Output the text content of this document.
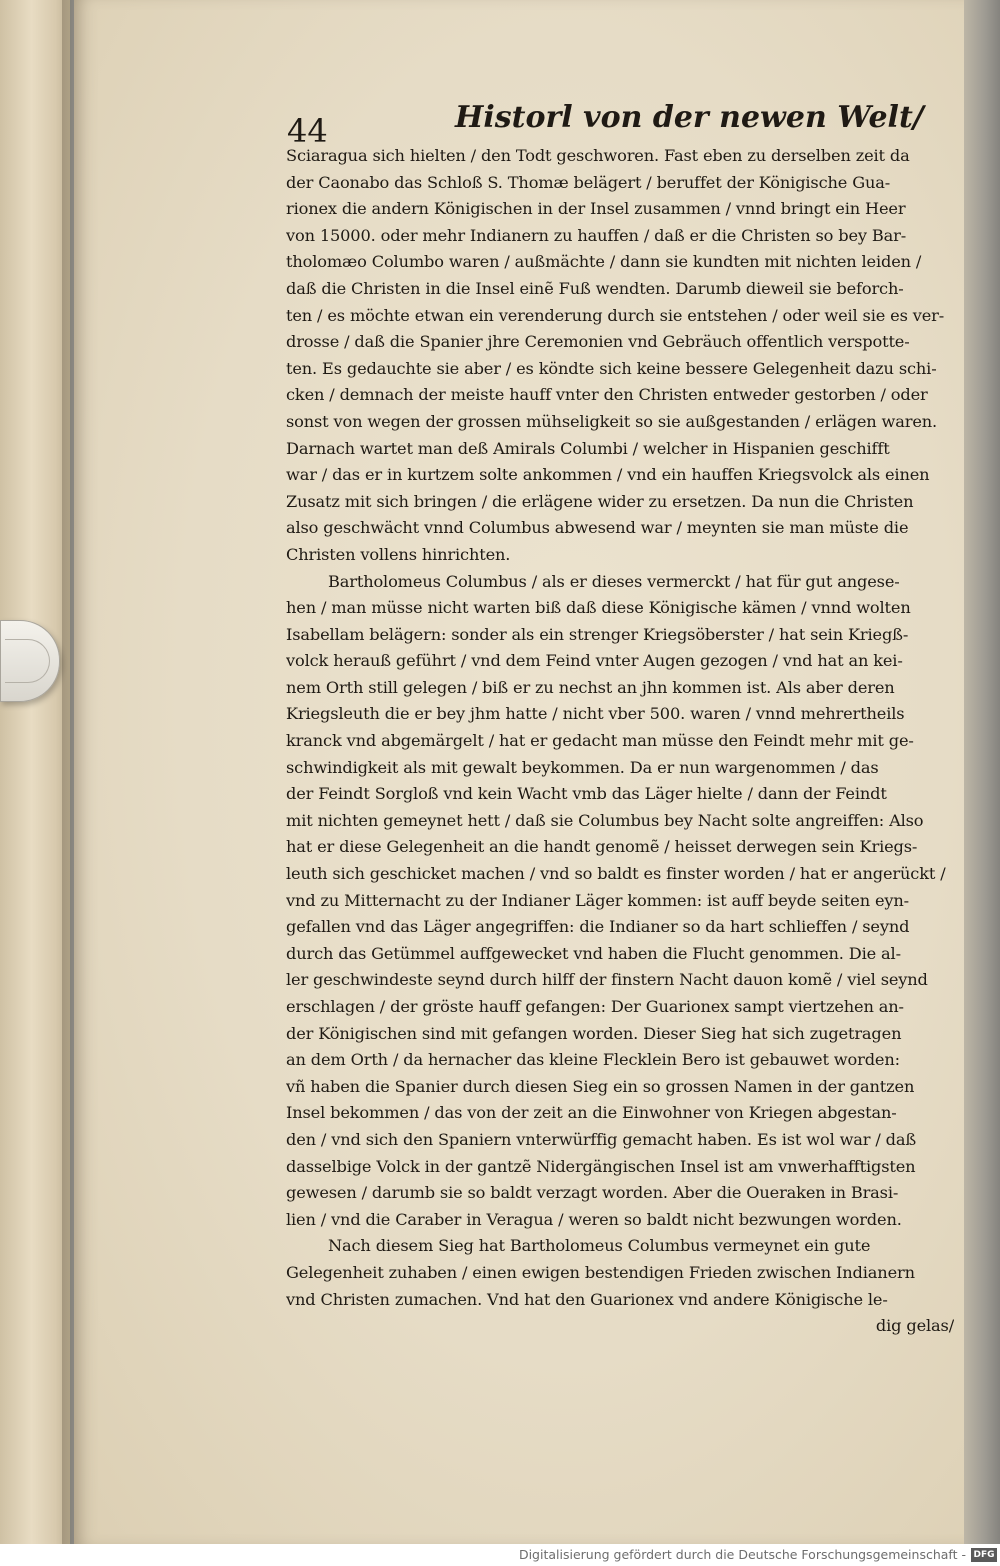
44	Historl von der newen Welt/
Sciaragua sich hielten / den Todt geschworen. Fast eben zu derselben zeit da
der Caonabo das Schloß S. Thomæ belägert / beruffet der Königische Gua-
rionex die andern Königischen in der Insel zusammen / vnnd bringt ein Heer
von 15000. oder mehr Indianern zu hauffen / daß er die Christen so bey Bar-
tholomæo Columbo waren / außmächte / dann sie kundten mit nichten leiden /
daß die Christen in die Insel einẽ Fuß wendten. Darumb dieweil sie beforch-
ten / es möchte etwan ein verenderung durch sie entstehen / oder weil sie es ver-
drosse / daß die Spanier jhre Ceremonien vnd Gebräuch offentlich verspotte-
ten. Es gedauchte sie aber / es köndte sich keine bessere Gelegenheit dazu schi-
cken / demnach der meiste hauff vnter den Christen entweder gestorben / oder
sonst von wegen der grossen mühseligkeit so sie außgestanden / erlägen waren.
Darnach wartet man deß Amirals Columbi / welcher in Hispanien geschifft
war / das er in kurtzem solte ankommen / vnd ein hauffen Kriegsvolck als einen
Zusatz mit sich bringen / die erlägene wider zu ersetzen. Da nun die Christen
also geschwächt vnnd Columbus abwesend war / meynten sie man müste die
Christen vollens hinrichten.
Bartholomeus Columbus / als er dieses vermerckt / hat für gut angese-
hen / man müsse nicht warten biß daß diese Königische kämen / vnnd wolten
Isabellam belägern: sonder als ein strenger Kriegsöberster / hat sein Kriegß-
volck herauß geführt / vnd dem Feind vnter Augen gezogen / vnd hat an kei-
nem Orth still gelegen / biß er zu nechst an jhn kommen ist. Als aber deren
Kriegsleuth die er bey jhm hatte / nicht vber 500. waren / vnnd mehrertheils
kranck vnd abgemärgelt / hat er gedacht man müsse den Feindt mehr mit ge-
schwindigkeit als mit gewalt beykommen. Da er nun wargenommen / das
der Feindt Sorgloß vnd kein Wacht vmb das Läger hielte / dann der Feindt
mit nichten gemeynet hett / daß sie Columbus bey Nacht solte angreiffen: Also
hat er diese Gelegenheit an die handt genomẽ / heisset derwegen sein Kriegs-
leuth sich geschicket machen / vnd so baldt es finster worden / hat er angerückt /
vnd zu Mitternacht zu der Indianer Läger kommen: ist auff beyde seiten eyn-
gefallen vnd das Läger angegriffen: die Indianer so da hart schlieffen / seynd
durch das Getümmel auffgewecket vnd haben die Flucht genommen. Die al-
ler geschwindeste seynd durch hilff der finstern Nacht dauon komẽ / viel seynd
erschlagen / der gröste hauff gefangen: Der Guarionex sampt viertzehen an-
der Königischen sind mit gefangen worden. Dieser Sieg hat sich zugetragen
an dem Orth / da hernacher das kleine Flecklein Bero ist gebauwet worden:
vñ haben die Spanier durch diesen Sieg ein so grossen Namen in der gantzen
Insel bekommen / das von der zeit an die Einwohner von Kriegen abgestan-
den / vnd sich den Spaniern vnterwürffig gemacht haben. Es ist wol war / daß
dasselbige Volck in der gantzẽ Nidergängischen Insel ist am vnwerhafftigsten
gewesen / darumb sie so baldt verzagt worden. Aber die Oueraken in Brasi-
lien / vnd die Caraber in Veragua / weren so baldt nicht bezwungen worden.
Nach diesem Sieg hat Bartholomeus Columbus vermeynet ein gute
Gelegenheit zuhaben / einen ewigen bestendigen Frieden zwischen Indianern
vnd Christen zumachen. Vnd hat den Guarionex vnd andere Königische le-
dig gelas/
Digitalisierung gefördert durch die Deutsche Forschungsgemeinschaft - DFG
